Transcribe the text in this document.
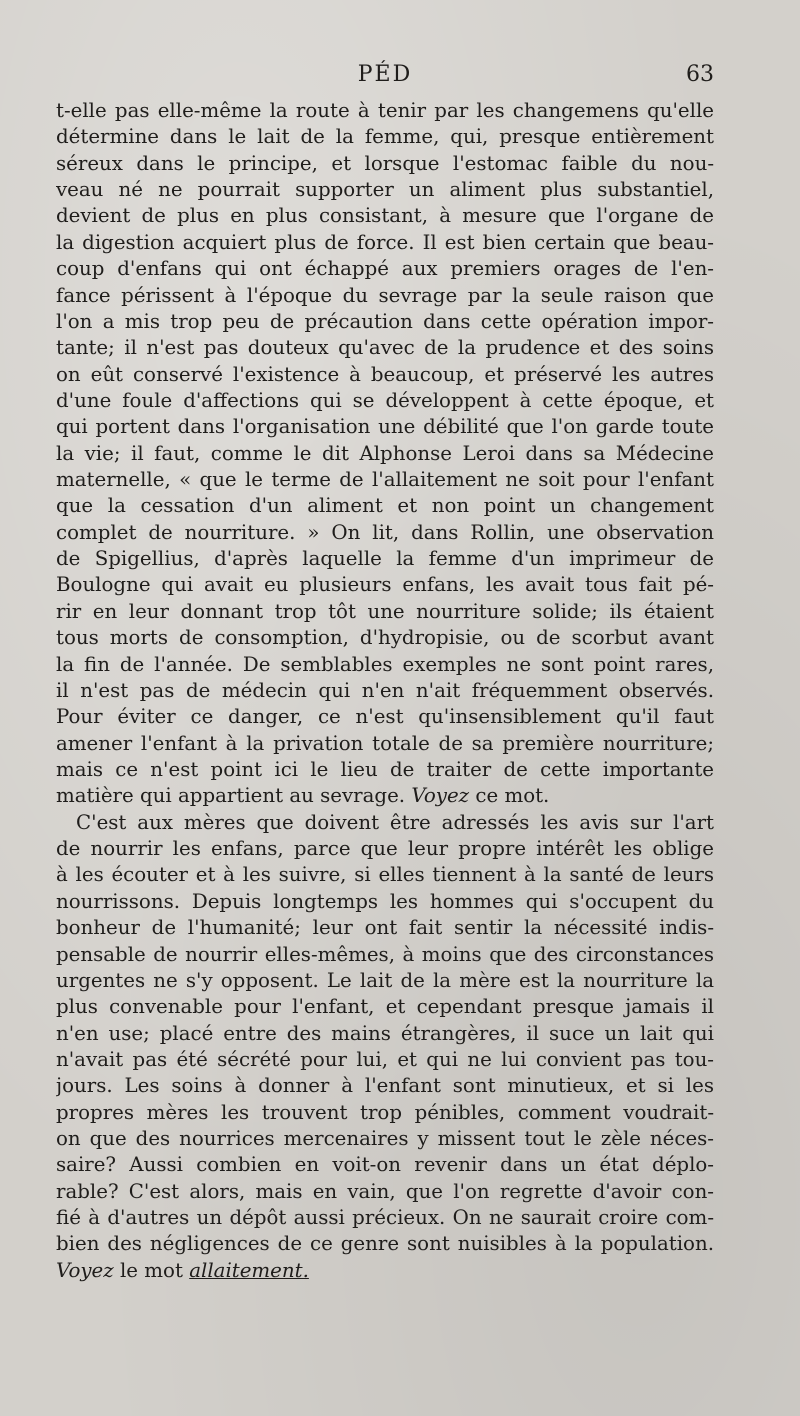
PÉD	63
t-elle pas elle-même la route à tenir par les changemens qu'elle
détermine dans le lait de la femme, qui, presque entièrement
séreux dans le principe, et lorsque l'estomac faible du nou-
veau né ne pourrait supporter un aliment plus substantiel,
devient de plus en plus consistant, à mesure que l'organe de
la digestion acquiert plus de force. Il est bien certain que beau-
coup d'enfans qui ont échappé aux premiers orages de l'en-
fance périssent à l'époque du sevrage par la seule raison que
l'on a mis trop peu de précaution dans cette opération impor-
tante; il n'est pas douteux qu'avec de la prudence et des soins
on eût conservé l'existence à beaucoup, et préservé les autres
d'une foule d'affections qui se développent à cette époque, et
qui portent dans l'organisation une débilité que l'on garde toute
la vie; il faut, comme le dit Alphonse Leroi dans sa Médecine
maternelle, « que le terme de l'allaitement ne soit pour l'enfant
que la cessation d'un aliment et non point un changement
complet de nourriture. » On lit, dans Rollin, une observation
de Spigellius, d'après laquelle la femme d'un imprimeur de
Boulogne qui avait eu plusieurs enfans, les avait tous fait pé-
rir en leur donnant trop tôt une nourriture solide; ils étaient
tous morts de consomption, d'hydropisie, ou de scorbut avant
la fin de l'année. De semblables exemples ne sont point rares,
il n'est pas de médecin qui n'en n'ait fréquemment observés.
Pour éviter ce danger, ce n'est qu'insensiblement qu'il faut
amener l'enfant à la privation totale de sa première nourriture;
mais ce n'est point ici le lieu de traiter de cette importante
matière qui appartient au sevrage. Voyez ce mot.
C'est aux mères que doivent être adressés les avis sur l'art
de nourrir les enfans, parce que leur propre intérêt les oblige
à les écouter et à les suivre, si elles tiennent à la santé de leurs
nourrissons. Depuis longtemps les hommes qui s'occupent du
bonheur de l'humanité; leur ont fait sentir la nécessité indis-
pensable de nourrir elles-mêmes, à moins que des circonstances
urgentes ne s'y opposent. Le lait de la mère est la nourriture la
plus convenable pour l'enfant, et cependant presque jamais il
n'en use; placé entre des mains étrangères, il suce un lait qui
n'avait pas été sécrété pour lui, et qui ne lui convient pas tou-
jours. Les soins à donner à l'enfant sont minutieux, et si les
propres mères les trouvent trop pénibles, comment voudrait-
on que des nourrices mercenaires y missent tout le zèle néces-
saire? Aussi combien en voit-on revenir dans un état déplo-
rable? C'est alors, mais en vain, que l'on regrette d'avoir con-
fié à d'autres un dépôt aussi précieux. On ne saurait croire com-
bien des négligences de ce genre sont nuisibles à la population.
Voyez le mot allaitement.
